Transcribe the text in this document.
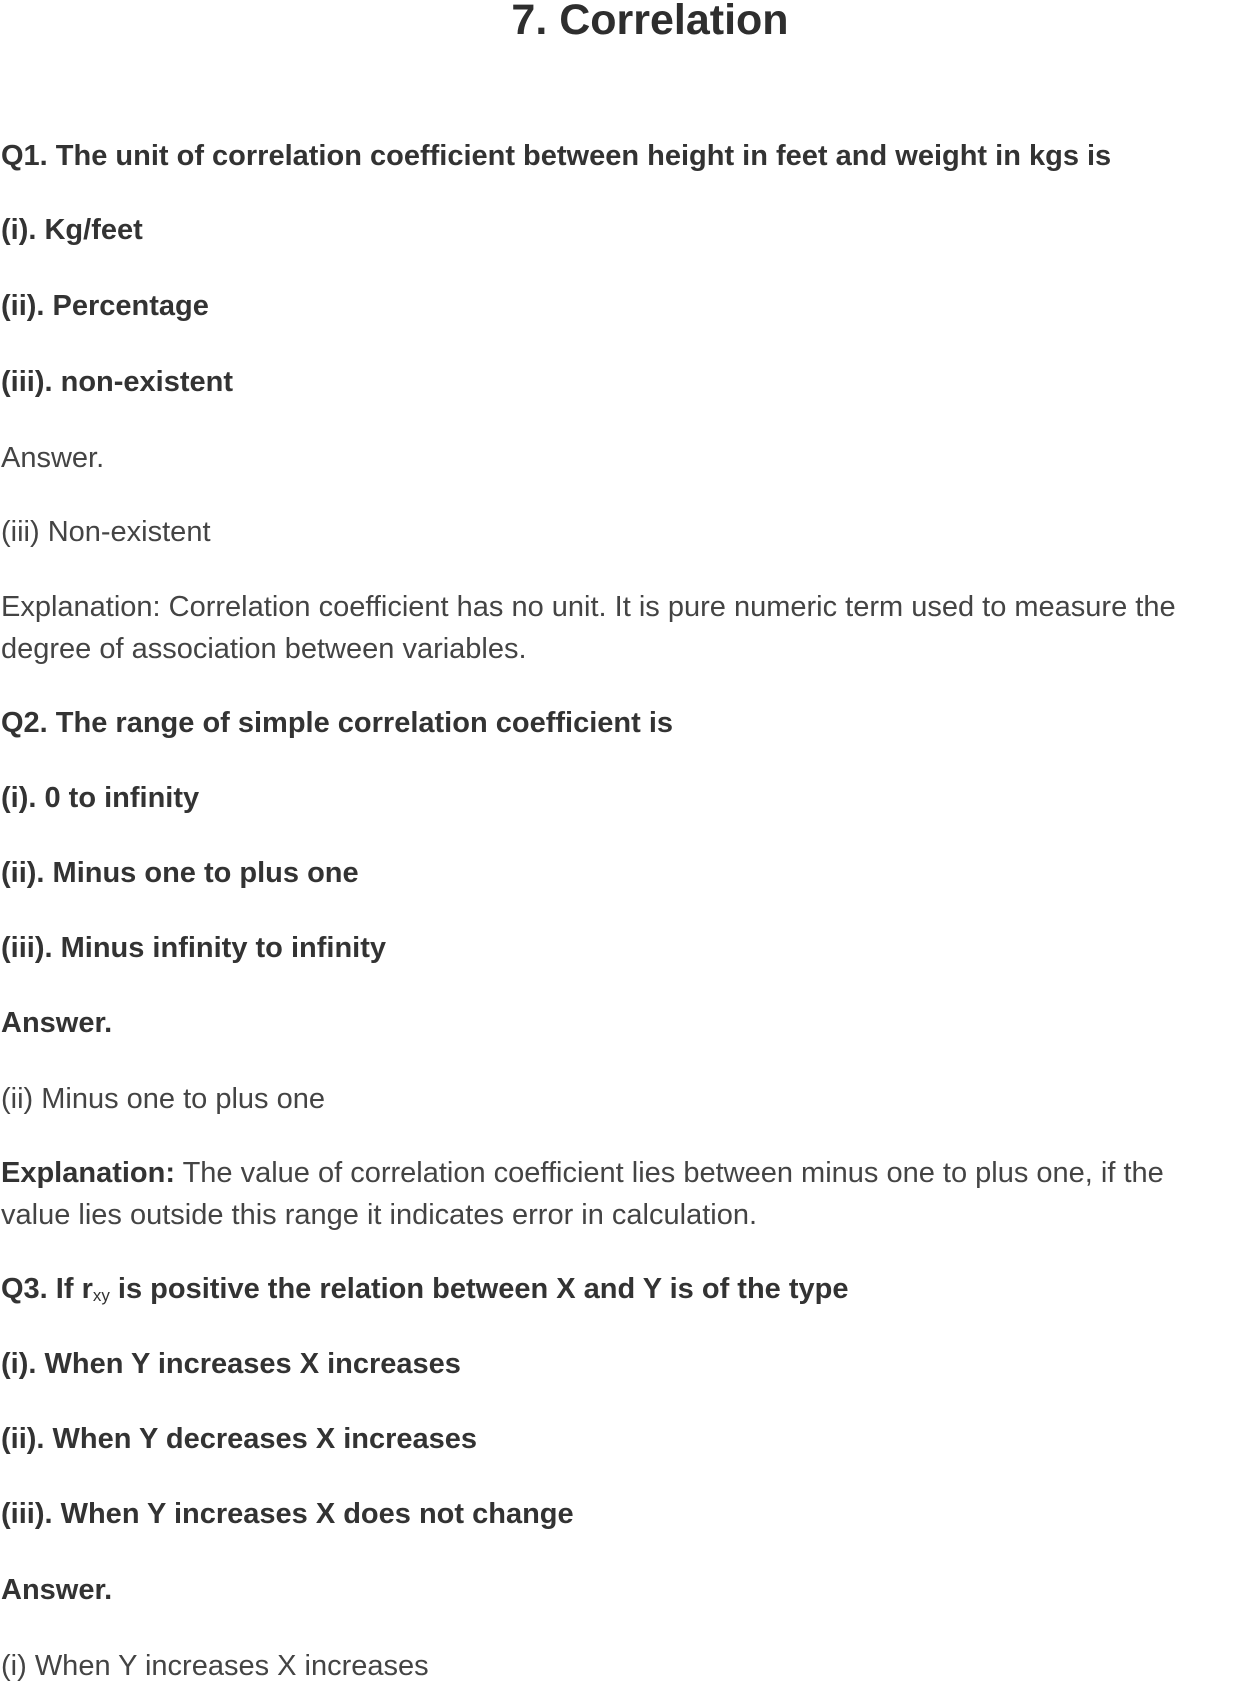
7. Correlation

Q1. The unit of correlation coefficient between height in feet and weight in kgs is

(i). Kg/feet

(ii). Percentage

(iii). non-existent

Answer.

(iii) Non-existent

Explanation: Correlation coefficient has no unit. It is pure numeric term used to measure the degree of association between variables.

Q2. The range of simple correlation coefficient is

(i). 0 to infinity

(ii). Minus one to plus one

(iii). Minus infinity to infinity

Answer.

(ii) Minus one to plus one

Explanation: The value of correlation coefficient lies between minus one to plus one, if the value lies outside this range it indicates error in calculation.

Q3. If $r_{xy}$ is positive the relation between X and Y is of the type

(i). When Y increases X increases

(ii). When Y decreases X increases

(iii). When Y increases X does not change

Answer.

(i) When Y increases X increases
